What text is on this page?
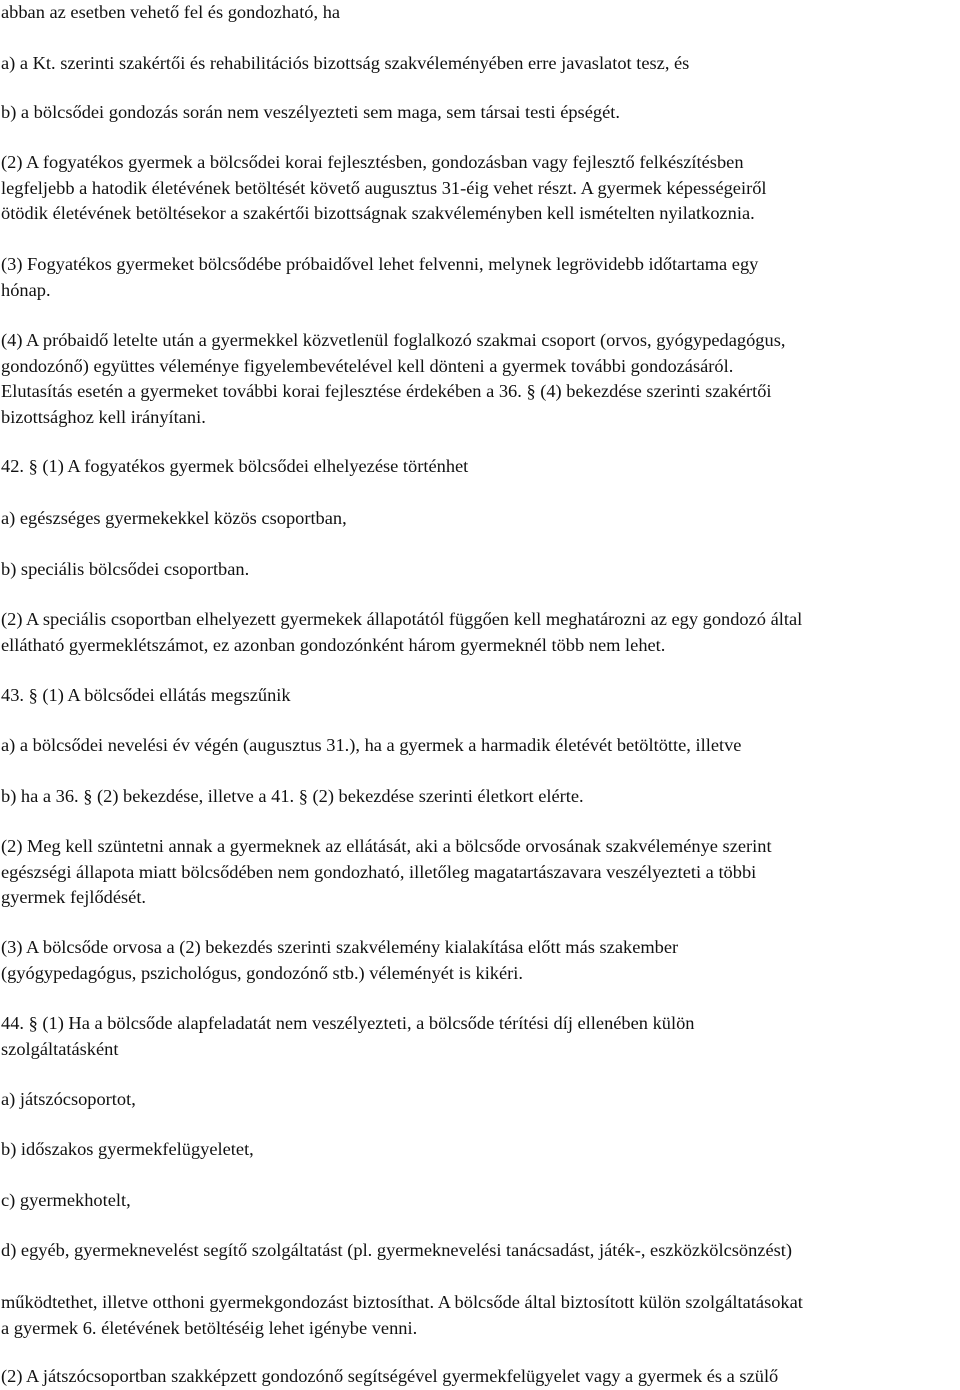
abban az esetben vehető fel és gondozható, ha

a) a Kt. szerinti szakértői és rehabilitációs bizottság szakvéleményében erre javaslatot tesz, és

b) a bölcsődei gondozás során nem veszélyezteti sem maga, sem társai testi épségét.

(2) A fogyatékos gyermek a bölcsődei korai fejlesztésben, gondozásban vagy fejlesztő felkészítésben
legfeljebb a hatodik életévének betöltését követő augusztus 31-éig vehet részt. A gyermek képességeiről
ötödik életévének betöltésekor a szakértői bizottságnak szakvéleményben kell ismételten nyilatkoznia.

(3) Fogyatékos gyermeket bölcsődébe próbaidővel lehet felvenni, melynek legrövidebb időtartama egy
hónap.

(4) A próbaidő letelte után a gyermekkel közvetlenül foglalkozó szakmai csoport (orvos, gyógypedagógus,
gondozónő) együttes véleménye figyelembevételével kell dönteni a gyermek további gondozásáról.
Elutasítás esetén a gyermeket további korai fejlesztése érdekében a 36. § (4) bekezdése szerinti szakértői
bizottsághoz kell irányítani.

42. § (1) A fogyatékos gyermek bölcsődei elhelyezése történhet

a) egészséges gyermekekkel közös csoportban,

b) speciális bölcsődei csoportban.

(2) A speciális csoportban elhelyezett gyermekek állapotától függően kell meghatározni az egy gondozó által
ellátható gyermeklétszámot, ez azonban gondozónként három gyermeknél több nem lehet.

43. § (1) A bölcsődei ellátás megszűnik

a) a bölcsődei nevelési év végén (augusztus 31.), ha a gyermek a harmadik életévét betöltötte, illetve

b) ha a 36. § (2) bekezdése, illetve a 41. § (2) bekezdése szerinti életkort elérte.

(2) Meg kell szüntetni annak a gyermeknek az ellátását, aki a bölcsőde orvosának szakvéleménye szerint
egészségi állapota miatt bölcsődében nem gondozható, illetőleg magatartászavara veszélyezteti a többi
gyermek fejlődését.

(3) A bölcsőde orvosa a (2) bekezdés szerinti szakvélemény kialakítása előtt más szakember
(gyógypedagógus, pszichológus, gondozónő stb.) véleményét is kikéri.

44. § (1) Ha a bölcsőde alapfeladatát nem veszélyezteti, a bölcsőde térítési díj ellenében külön
szolgáltatásként

a) játszócsoportot,

b) időszakos gyermekfelügyeletet,

c) gyermekhotelt,

d) egyéb, gyermeknevelést segítő szolgáltatást (pl. gyermeknevelési tanácsadást, játék-, eszközkölcsönzést)

működtethet, illetve otthoni gyermekgondozást biztosíthat. A bölcsőde által biztosított külön szolgáltatásokat
a gyermek 6. életévének betöltéséig lehet igénybe venni.

(2) A játszócsoportban szakképzett gondozónő segítségével gyermekfelügyelet vagy a gyermek és a szülő
